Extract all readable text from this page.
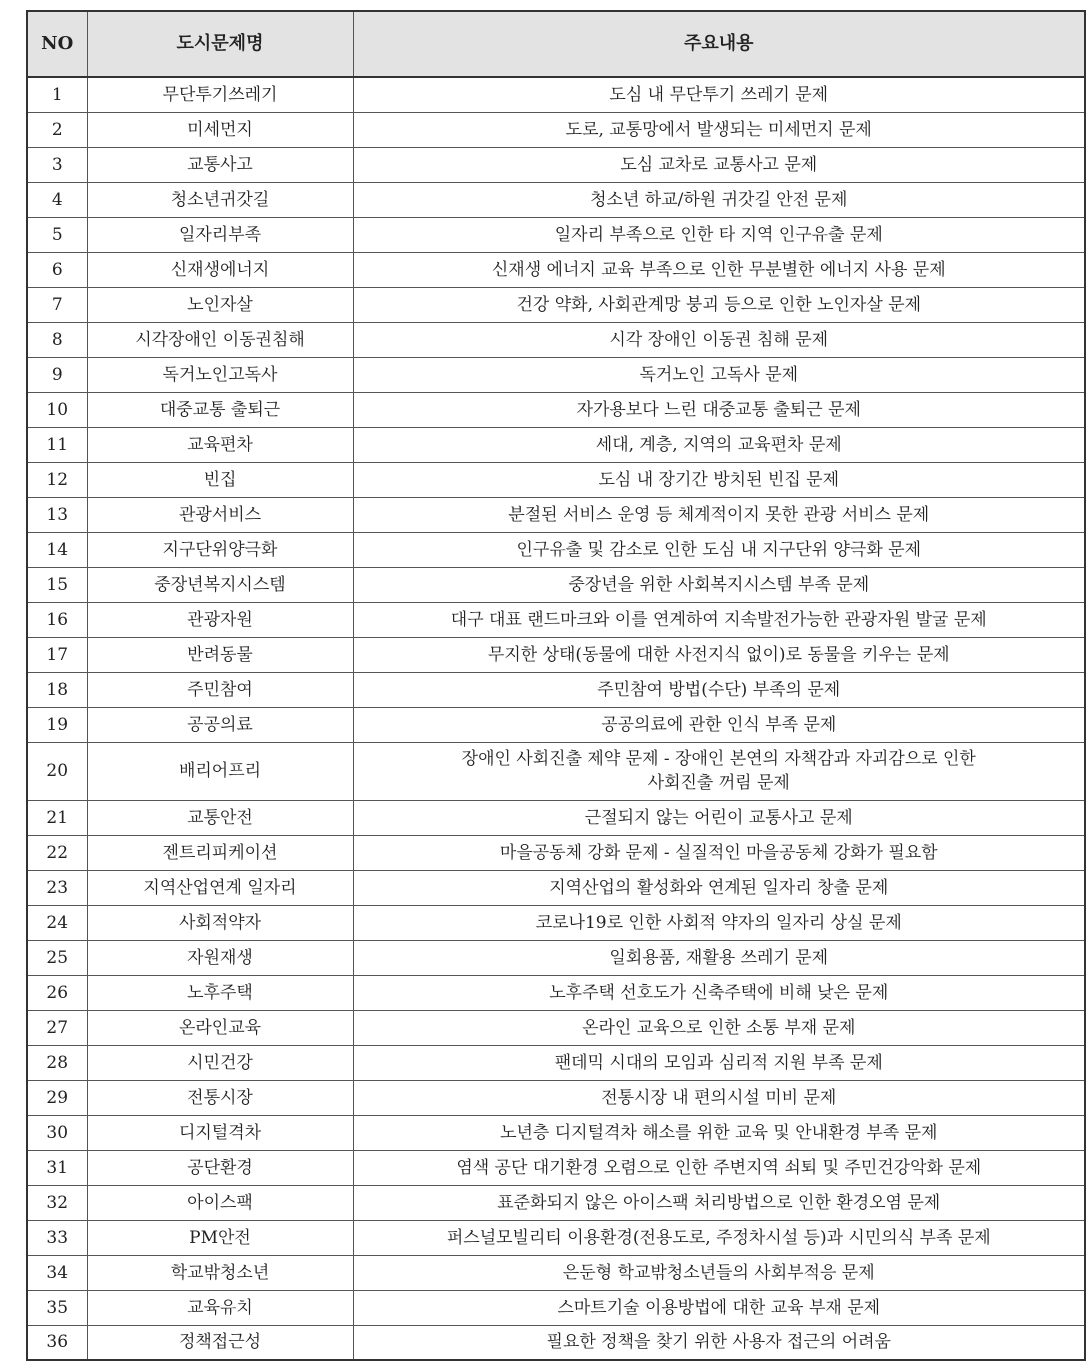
NO	도시문제명	주요내용
1	무단투기쓰레기	도심 내 무단투기 쓰레기 문제
2	미세먼지	도로, 교통망에서 발생되는 미세먼지 문제
3	교통사고	도심 교차로 교통사고 문제
4	청소년귀갓길	청소년 하교/하원 귀갓길 안전 문제
5	일자리부족	일자리 부족으로 인한 타 지역 인구유출 문제
6	신재생에너지	신재생 에너지 교육 부족으로 인한 무분별한 에너지 사용 문제
7	노인자살	건강 약화, 사회관계망 붕괴 등으로 인한 노인자살 문제
8	시각장애인 이동권침해	시각 장애인 이동권 침해 문제
9	독거노인고독사	독거노인 고독사 문제
10	대중교통 출퇴근	자가용보다 느린 대중교통 출퇴근 문제
11	교육편차	세대, 계층, 지역의 교육편차 문제
12	빈집	도심 내 장기간 방치된 빈집 문제
13	관광서비스	분절된 서비스 운영 등 체계적이지 못한 관광 서비스 문제
14	지구단위양극화	인구유출 및 감소로 인한 도심 내 지구단위 양극화 문제
15	중장년복지시스템	중장년을 위한 사회복지시스템 부족 문제
16	관광자원	대구 대표 랜드마크와 이를 연계하여 지속발전가능한 관광자원 발굴 문제
17	반려동물	무지한 상태(동물에 대한 사전지식 없이)로 동물을 키우는 문제
18	주민참여	주민참여 방법(수단) 부족의 문제
19	공공의료	공공의료에 관한 인식 부족 문제
20	배리어프리	장애인 사회진출 제약 문제 - 장애인 본연의 자책감과 자괴감으로 인한
사회진출 꺼림 문제

21	교통안전	근절되지 않는 어린이 교통사고 문제
22	젠트리피케이션	마을공동체 강화 문제 - 실질적인 마을공동체 강화가 필요함
23	지역산업연계 일자리	지역산업의 활성화와 연계된 일자리 창출 문제
24	사회적약자	코로나19로 인한 사회적 약자의 일자리 상실 문제
25	자원재생	일회용품, 재활용 쓰레기 문제
26	노후주택	노후주택 선호도가 신축주택에 비해 낮은 문제
27	온라인교육	온라인 교육으로 인한 소통 부재 문제
28	시민건강	팬데믹 시대의 모임과 심리적 지원 부족 문제
29	전통시장	전통시장 내 편의시설 미비 문제
30	디지털격차	노년층 디지털격차 해소를 위한 교육 및 안내환경 부족 문제
31	공단환경	염색 공단 대기환경 오렴으로 인한 주변지역 쇠퇴 및 주민건강악화 문제
32	아이스팩	표준화되지 않은 아이스팩 처리방법으로 인한 환경오염 문제
33	PM안전	퍼스널모빌리티 이용환경(전용도로, 주정차시설 등)과 시민의식 부족 문제
34	학교밖청소년	은둔형 학교밖청소년들의 사회부적응 문제
35	교육유치	스마트기술 이용방법에 대한 교육 부재 문제
36	정책접근성	필요한 정책을 찾기 위한 사용자 접근의 어려움
